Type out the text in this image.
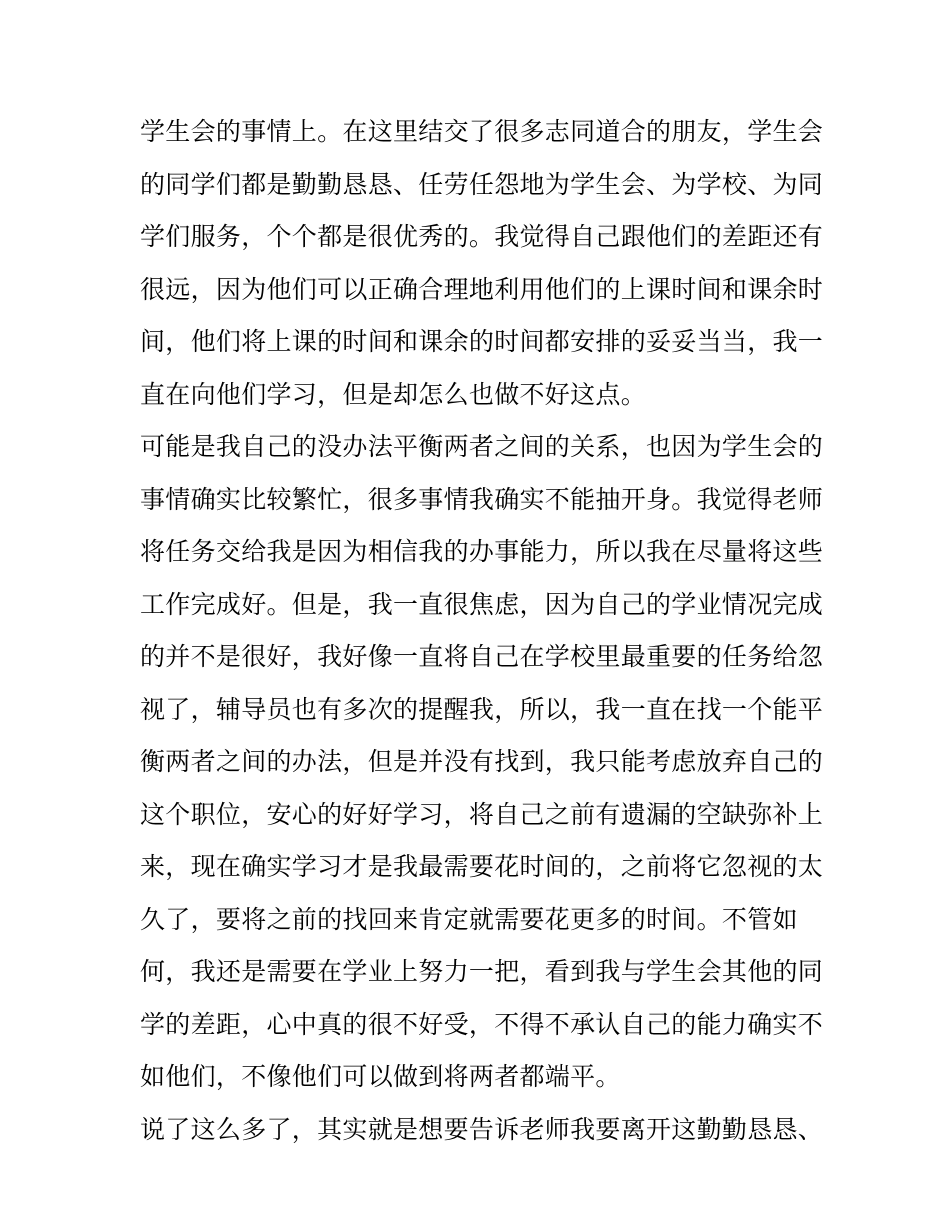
学生会的事情上。在这里结交了很多志同道合的朋友，学生会
的同学们都是勤勤恳恳、任劳任怨地为学生会、为学校、为同
学们服务，个个都是很优秀的。我觉得自己跟他们的差距还有
很远，因为他们可以正确合理地利用他们的上课时间和课余时
间，他们将上课的时间和课余的时间都安排的妥妥当当，我一
直在向他们学习，但是却怎么也做不好这点。
可能是我自己的没办法平衡两者之间的关系，也因为学生会的
事情确实比较繁忙，很多事情我确实不能抽开身。我觉得老师
将任务交给我是因为相信我的办事能力，所以我在尽量将这些
工作完成好。但是，我一直很焦虑，因为自己的学业情况完成
的并不是很好，我好像一直将自己在学校里最重要的任务给忽
视了，辅导员也有多次的提醒我，所以，我一直在找一个能平
衡两者之间的办法，但是并没有找到，我只能考虑放弃自己的
这个职位，安心的好好学习，将自己之前有遗漏的空缺弥补上
来，现在确实学习才是我最需要花时间的，之前将它忽视的太
久了，要将之前的找回来肯定就需要花更多的时间。不管如
何，我还是需要在学业上努力一把，看到我与学生会其他的同
学的差距，心中真的很不好受，不得不承认自己的能力确实不
如他们，不像他们可以做到将两者都端平。
说了这么多了，其实就是想要告诉老师我要离开这勤勤恳恳、
